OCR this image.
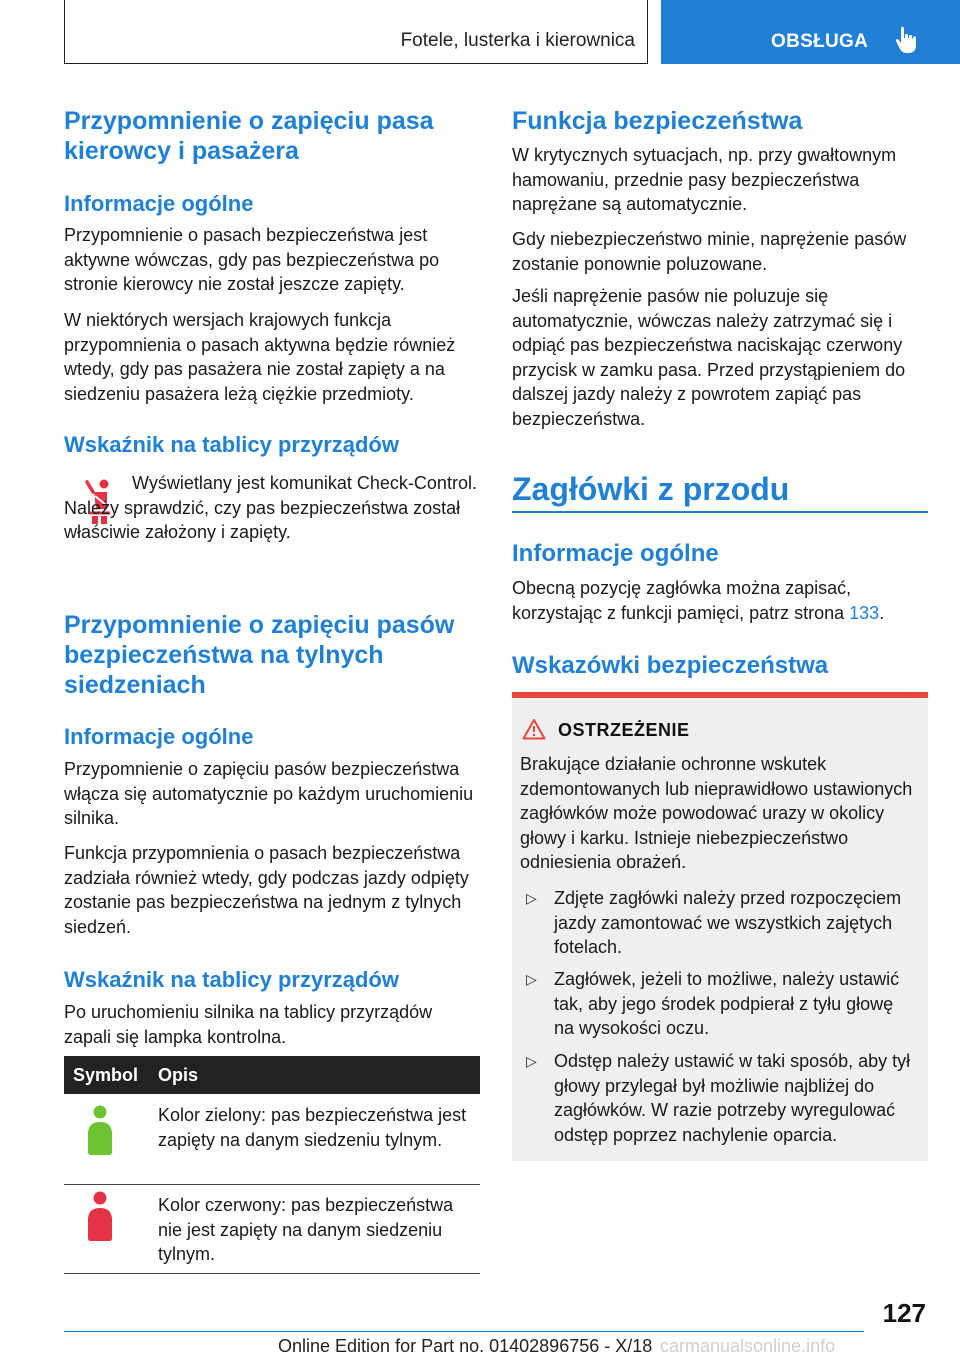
Fotele, lusterka i kierownica	OBSŁUGA
Przypomnienie o zapięciu pasa kierowcy i pasażera
Informacje ogólne

Przypomnienie o pasach bezpieczeństwa jest aktywne wówczas, gdy pas bezpieczeństwa po stronie kierowcy nie został jeszcze zapięty.

W niektórych wersjach krajowych funkcja przypomnienia o pasach aktywna będzie również wtedy, gdy pas pasażera nie został zapięty a na siedzeniu pasażera leżą ciężkie przedmioty.

Wskaźnik na tablicy przyrządów

Wyświetlany jest komunikat Check-Control. Należy sprawdzić, czy pas bezpieczeństwa został właściwie założony i zapięty.

Przypomnienie o zapięciu pasów bezpieczeństwa na tylnych siedzeniach
Informacje ogólne

Przypomnienie o zapięciu pasów bezpieczeństwa włącza się automatycznie po każdym uruchomieniu silnika.

Funkcja przypomnienia o pasach bezpieczeństwa zadziała również wtedy, gdy podczas jazdy odpięty zostanie pas bezpieczeństwa na jednym z tylnych siedzeń.

Wskaźnik na tablicy przyrządów

Po uruchomieniu silnika na tablicy przyrządów zapali się lampka kontrolna.

Symbol Opis
Kolor zielony: pas bezpieczeństwa jest zapięty na danym siedzeniu tylnym.
Kolor czerwony: pas bezpieczeństwa nie jest zapięty na danym siedzeniu tylnym.
Funkcja bezpieczeństwa

W krytycznych sytuacjach, np. przy gwałtownym hamowaniu, przednie pasy bezpieczeństwa naprężane są automatycznie.

Gdy niebezpieczeństwo minie, naprężenie pasów zostanie ponownie poluzowane.

Jeśli naprężenie pasów nie poluzuje się automatycznie, wówczas należy zatrzymać się i odpiąć pas bezpieczeństwa naciskając czerwony przycisk w zamku pasa. Przed przystąpieniem do dalszej jazdy należy z powrotem zapiąć pas bezpieczeństwa.

Zagłówki z przodu
Informacje ogólne

Obecną pozycję zagłówka można zapisać, korzystając z funkcji pamięci, patrz strona 133.

Wskazówki bezpieczeństwa
OSTRZEŻENIE
Brakujące działanie ochronne wskutek zdemontowanych lub nieprawidłowo ustawionych zagłówków może powodować urazy w okolicy głowy i karku. Istnieje niebezpieczeństwo odniesienia obrażeń.
▷ Zdjęte zagłówki należy przed rozpoczęciem jazdy zamontować we wszystkich zajętych fotelach.
▷ Zagłówek, jeżeli to możliwe, należy ustawić tak, aby jego środek podpierał z tyłu głowę na wysokości oczu.
▷ Odstęp należy ustawić w taki sposób, aby tył głowy przylegał był możliwie najbliżej do zagłówków. W razie potrzeby wyregulować odstęp poprzez nachylenie oparcia.
127
Online Edition for Part no. 01402896756 - X/18 carmanualsonline.info
